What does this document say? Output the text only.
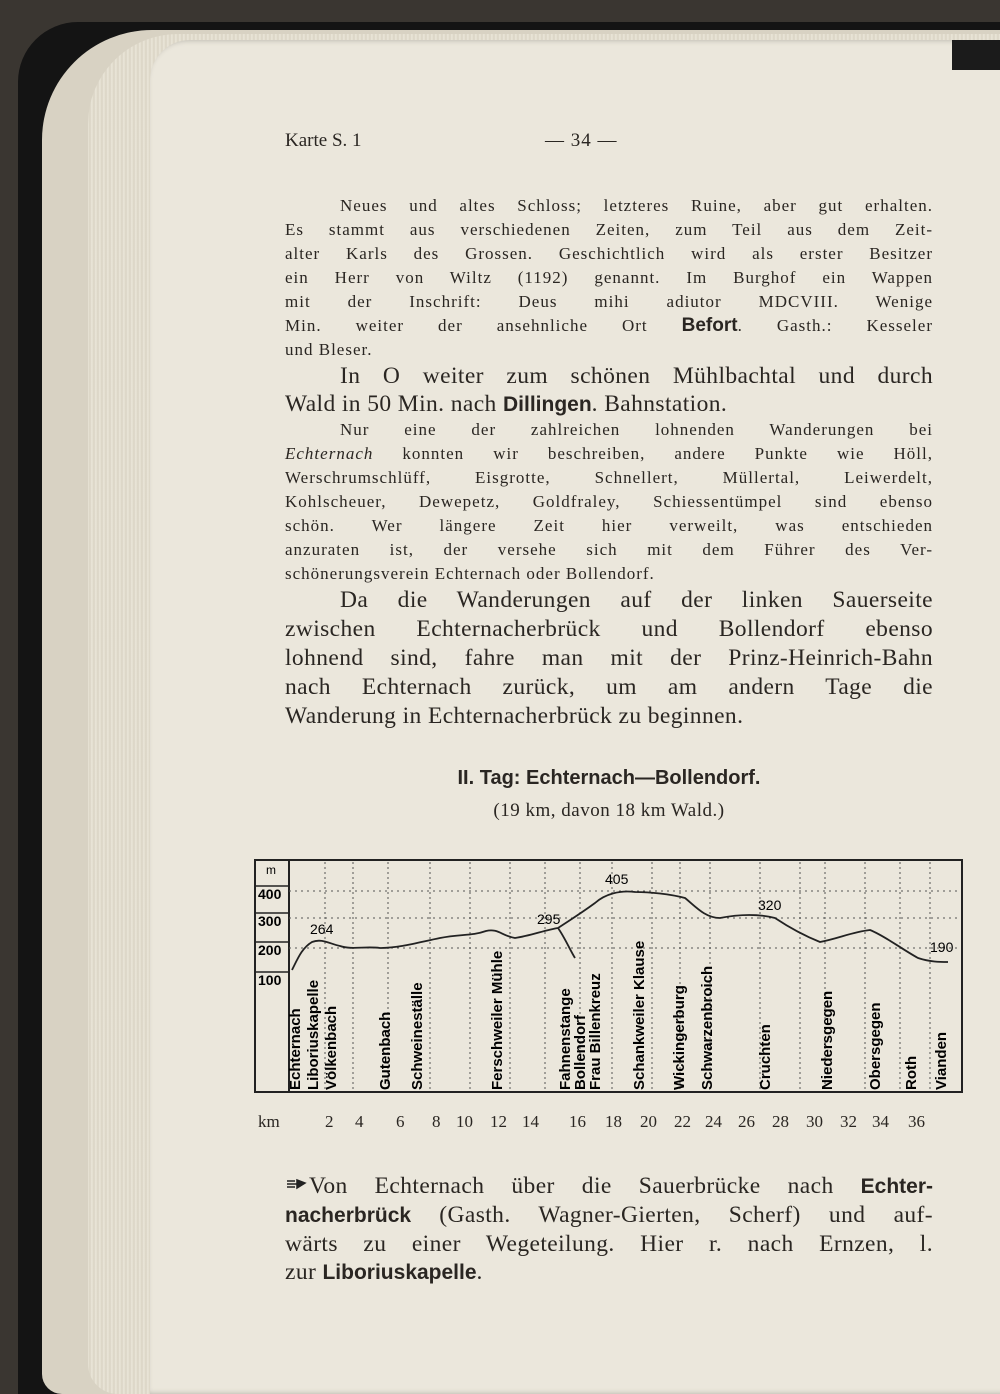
Karte S. 1	— 34 —
Neues und altes Schloss; letzteres Ruine, aber gut erhalten.
Es stammt aus verschiedenen Zeiten, zum Teil aus dem Zeit-
alter Karls des Grossen. Geschichtlich wird als erster Besitzer
ein Herr von Wiltz (1192) genannt. Im Burghof ein Wappen
mit der Inschrift: Deus mihi adiutor MDCVIII. Wenige
Min. weiter der ansehnliche Ort Befort. Gasth.: Kesseler
und Bleser.
In O weiter zum schönen Mühlbachtal und durch
Wald in 50 Min. nach Dillingen. Bahnstation.
Nur eine der zahlreichen lohnenden Wanderungen bei
Echternach konnten wir beschreiben, andere Punkte wie Höll,
Werschrumschlüff, Eisgrotte, Schnellert, Müllertal, Leiwerdelt,
Kohlscheuer, Dewepetz, Goldfraley, Schiessentümpel sind ebenso
schön. Wer längere Zeit hier verweilt, was entschieden
anzuraten ist, der versehe sich mit dem Führer des Ver-
schönerungsverein Echternach oder Bollendorf.
Da die Wanderungen auf der linken Sauerseite
zwischen Echternacherbrück und Bollendorf ebenso
lohnend sind, fahre man mit der Prinz-Heinrich-Bahn
nach Echternach zurück, um am andern Tage die
Wanderung in Echternacherbrück zu beginnen.
II. Tag: Echternach—Bollendorf.
(19 km, davon 18 km Wald.)
m
400
300
200
100
264
295
405
320
190
Echternach Liboriuskapelle Völkenbach Gutenbach Schweineställe	Ferschweiler Mühle	Fahnenstange
Bollendorf
Frau Billenkreuz Schankweiler Klause Wickingerburg Schwarzenbroich	Cruchten	Niedersgegen Obersgegen Roth Vianden
km	2 4 6 8 10 12 14 16 18 20 22 24 26 28 30 32 34 36
Von Echternach über die Sauerbrücke nach Echter-
nacherbrück (Gasth. Wagner-Gierten, Scherf) und auf-
wärts zu einer Wegeteilung. Hier r. nach Ernzen, l.
zur Liboriuskapelle.
